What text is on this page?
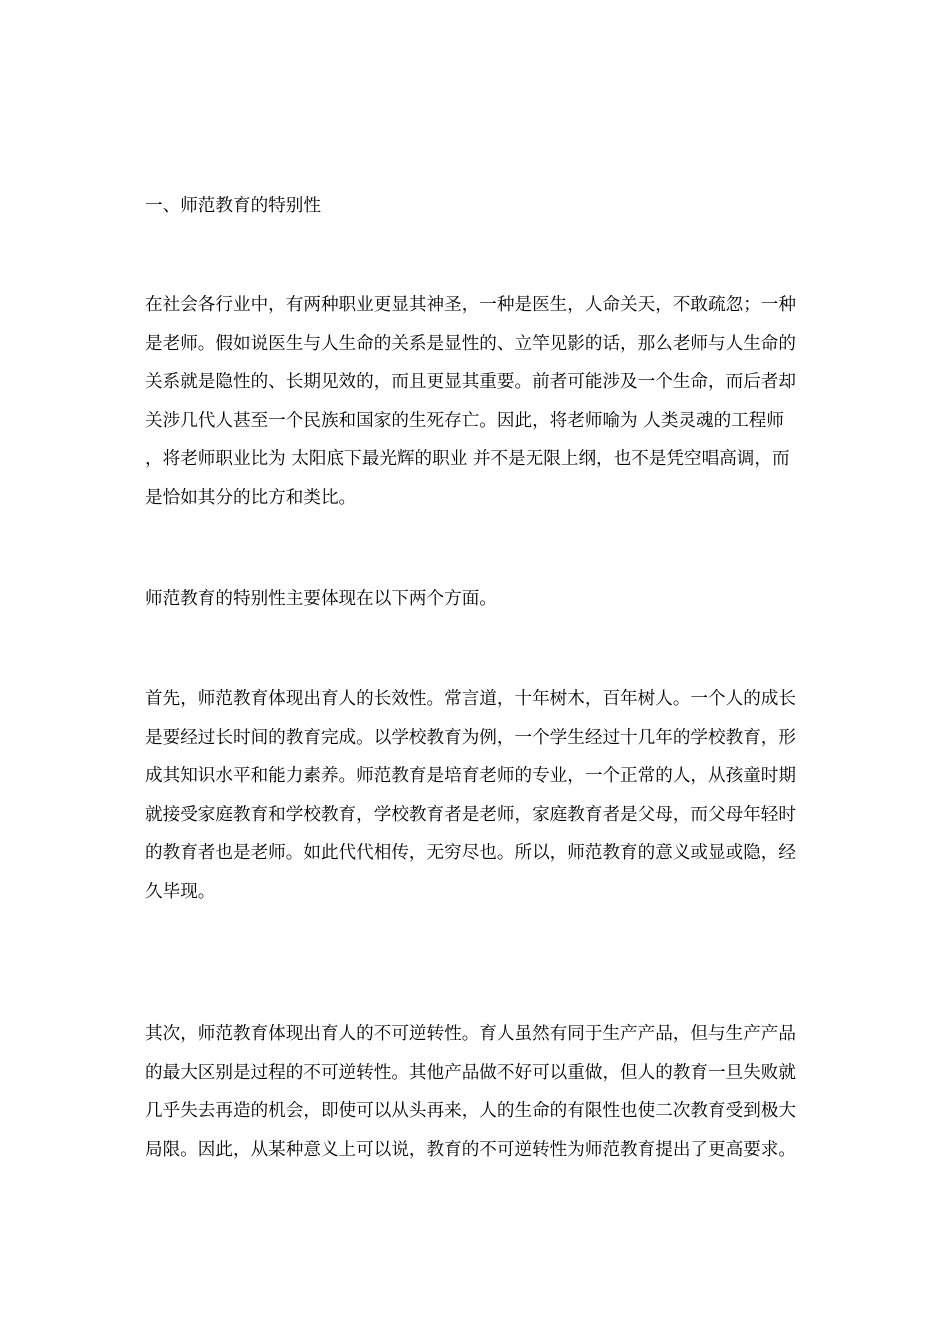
一、师范教育的特别性
在社会各行业中，有两种职业更显其神圣，一种是医生，人命关天，不敢疏忽；一种是老师。假如说医生与人生命的关系是显性的、立竿见影的话，那么老师与人生命的关系就是隐性的、长期见效的，而且更显其重要。前者可能涉及一个生命，而后者却关涉几代人甚至一个民族和国家的生死存亡。因此，将老师喻为 人类灵魂的工程师 ，将老师职业比为 太阳底下最光辉的职业 并不是无限上纲，也不是凭空唱高调，而是恰如其分的比方和类比。
师范教育的特别性主要体现在以下两个方面。
首先，师范教育体现出育人的长效性。常言道，十年树木，百年树人。一个人的成长是要经过长时间的教育完成。以学校教育为例，一个学生经过十几年的学校教育，形成其知识水平和能力素养。师范教育是培育老师的专业，一个正常的人，从孩童时期就接受家庭教育和学校教育，学校教育者是老师，家庭教育者是父母，而父母年轻时的教育者也是老师。如此代代相传，无穷尽也。所以，师范教育的意义或显或隐，经久毕现。
其次，师范教育体现出育人的不可逆转性。育人虽然有同于生产产品，但与生产产品的最大区别是过程的不可逆转性。其他产品做不好可以重做，但人的教育一旦失败就几乎失去再造的机会，即使可以从头再来，人的生命的有限性也使二次教育受到极大局限。因此，从某种意义上可以说，教育的不可逆转性为师范教育提出了更高要求。
